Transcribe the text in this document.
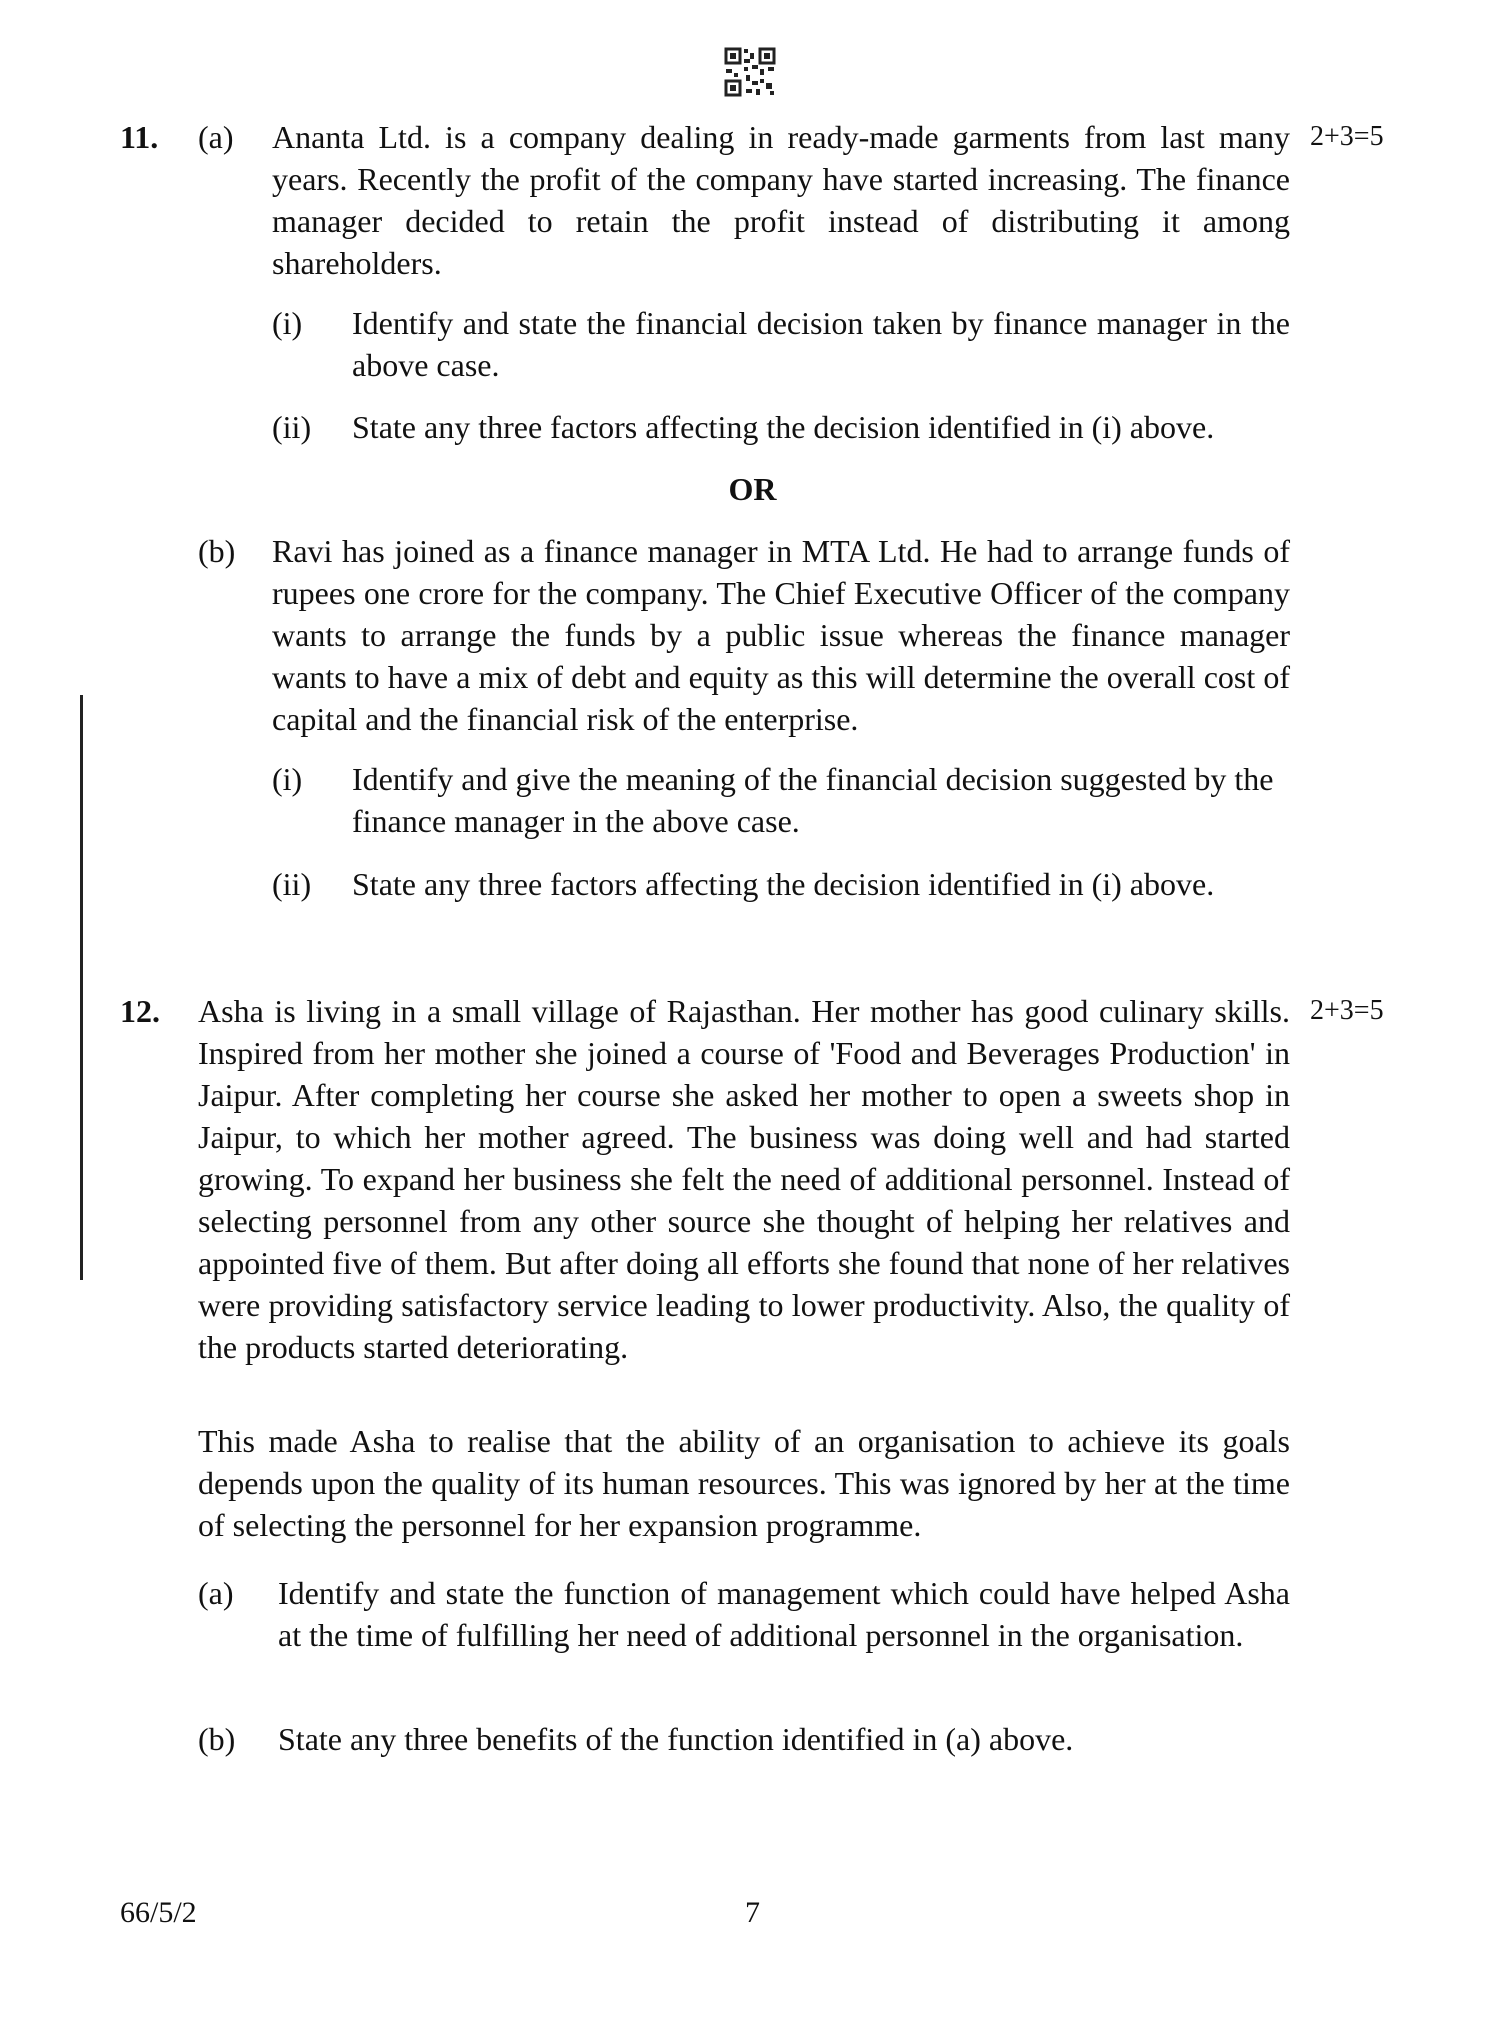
11.	2+3=5
(a) Ananta Ltd. is a company dealing in ready-made garments from last many years. Recently the profit of the company have started increasing. The finance manager decided to retain the profit instead of distributing it among shareholders.

(i) Identify and state the financial decision taken by finance manager in the above case.

(ii) State any three factors affecting the decision identified in (i) above.

OR
(b) Ravi has joined as a finance manager in MTA Ltd. He had to arrange funds of rupees one crore for the company. The Chief Executive Officer of the company wants to arrange the funds by a public issue whereas the finance manager wants to have a mix of debt and equity as this will determine the overall cost of capital and the financial risk of the enterprise.

(i) Identify and give the meaning of the financial decision suggested by the finance manager in the above case.

(ii) State any three factors affecting the decision identified in (i) above.

12.	2+3=5

Asha is living in a small village of Rajasthan. Her mother has good culinary skills. Inspired from her mother she joined a course of 'Food and Beverages Production' in Jaipur. After completing her course she asked her mother to open a sweets shop in Jaipur, to which her mother agreed. The business was doing well and had started growing. To expand her business she felt the need of additional personnel. Instead of selecting personnel from any other source she thought of helping her relatives and appointed five of them. But after doing all efforts she found that none of her relatives were providing satisfactory service leading to lower productivity. Also, the quality of the products started deteriorating.

This made Asha to realise that the ability of an organisation to achieve its goals depends upon the quality of its human resources. This was ignored by her at the time of selecting the personnel for her expansion programme.

(a) Identify and state the function of management which could have helped Asha at the time of fulfilling her need of additional personnel in the organisation.

(b) State any three benefits of the function identified in (a) above.

66/5/2	7
